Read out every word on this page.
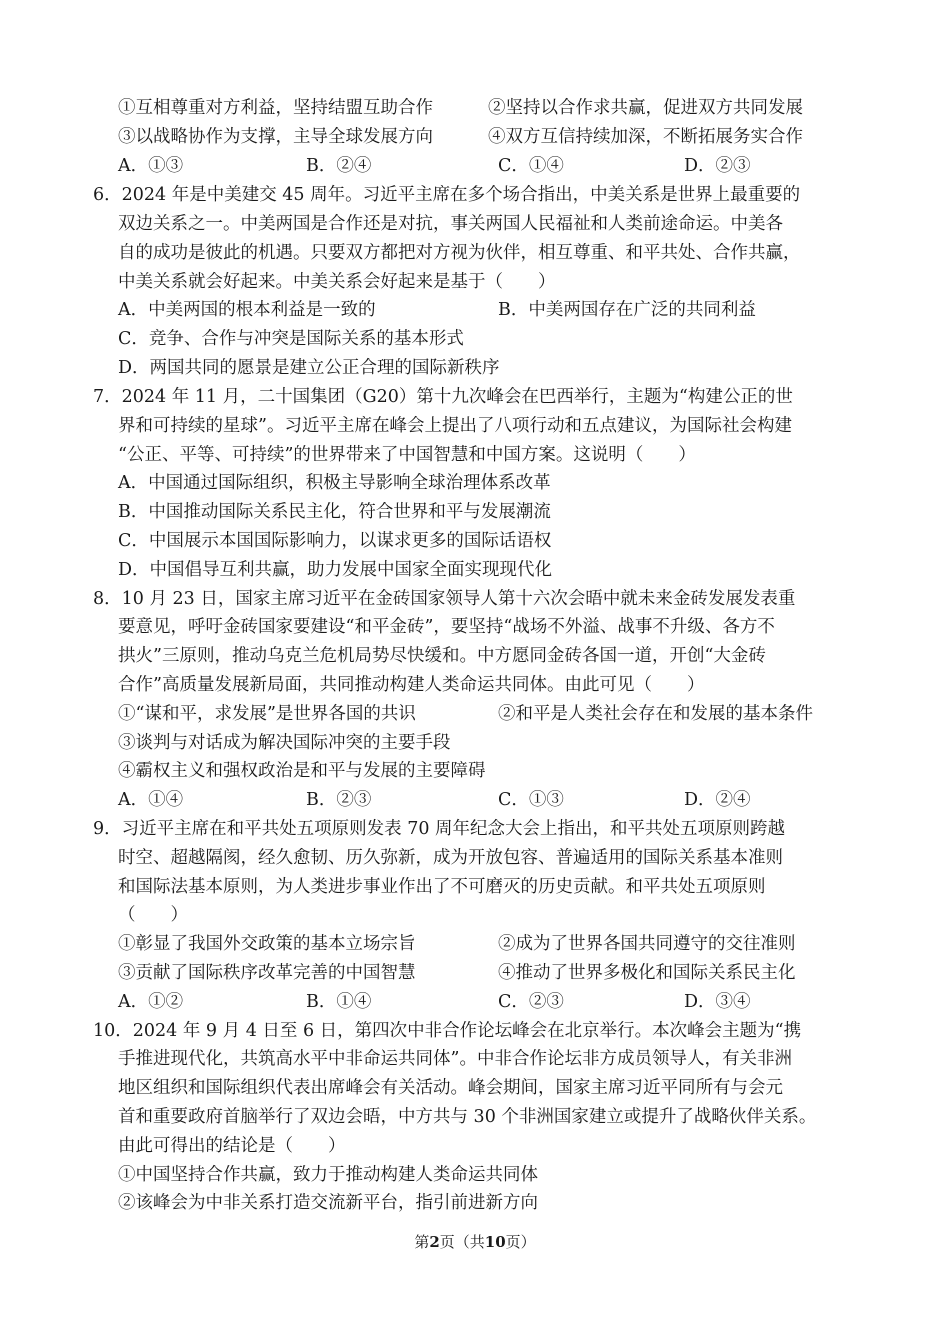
①互相尊重对方利益，坚持结盟互助合作	②坚持以合作求共赢，促进双方共同发展
③以战略协作为支撑，主导全球发展方向	④双方互信持续加深，不断拓展务实合作
A．①③	B．②④	C．①④	D．②③
6．2024 年是中美建交 45 周年。习近平主席在多个场合指出，中美关系是世界上最重要的
双边关系之一。中美两国是合作还是对抗，事关两国人民福祉和人类前途命运。中美各
自的成功是彼此的机遇。只要双方都把对方视为伙伴，相互尊重、和平共处、合作共赢，
中美关系就会好起来。中美关系会好起来是基于（　　）
A．中美两国的根本利益是一致的	B．中美两国存在广泛的共同利益
C．竞争、合作与冲突是国际关系的基本形式
D．两国共同的愿景是建立公正合理的国际新秩序
7．2024 年 11 月，二十国集团（G20）第十九次峰会在巴西举行，主题为“构建公正的世
界和可持续的星球”。习近平主席在峰会上提出了八项行动和五点建议，为国际社会构建
“公正、平等、可持续”的世界带来了中国智慧和中国方案。这说明（　　）
A．中国通过国际组织，积极主导影响全球治理体系改革
B．中国推动国际关系民主化，符合世界和平与发展潮流
C．中国展示本国国际影响力，以谋求更多的国际话语权
D．中国倡导互利共赢，助力发展中国家全面实现现代化
8．10 月 23 日，国家主席习近平在金砖国家领导人第十六次会晤中就未来金砖发展发表重
要意见，呼吁金砖国家要建设“和平金砖”，要坚持“战场不外溢、战事不升级、各方不
拱火”三原则，推动乌克兰危机局势尽快缓和。中方愿同金砖各国一道，开创“大金砖
合作”高质量发展新局面，共同推动构建人类命运共同体。由此可见（　　）
①“谋和平，求发展”是世界各国的共识	②和平是人类社会存在和发展的基本条件
③谈判与对话成为解决国际冲突的主要手段
④霸权主义和强权政治是和平与发展的主要障碍
A．①④	B．②③	C．①③	D．②④
9．习近平主席在和平共处五项原则发表 70 周年纪念大会上指出，和平共处五项原则跨越
时空、超越隔阂，经久愈韧、历久弥新，成为开放包容、普遍适用的国际关系基本准则
和国际法基本原则，为人类进步事业作出了不可磨灭的历史贡献。和平共处五项原则
（　　）
①彰显了我国外交政策的基本立场宗旨	②成为了世界各国共同遵守的交往准则
③贡献了国际秩序改革完善的中国智慧	④推动了世界多极化和国际关系民主化
A．①②	B．①④	C．②③	D．③④
10．2024 年 9 月 4 日至 6 日，第四次中非合作论坛峰会在北京举行。本次峰会主题为“携
手推进现代化，共筑高水平中非命运共同体”。中非合作论坛非方成员领导人，有关非洲
地区组织和国际组织代表出席峰会有关活动。峰会期间，国家主席习近平同所有与会元
首和重要政府首脑举行了双边会晤，中方共与 30 个非洲国家建立或提升了战略伙伴关系。
由此可得出的结论是（　　）
①中国坚持合作共赢，致力于推动构建人类命运共同体
②该峰会为中非关系打造交流新平台，指引前进新方向
第2页（共10页）
